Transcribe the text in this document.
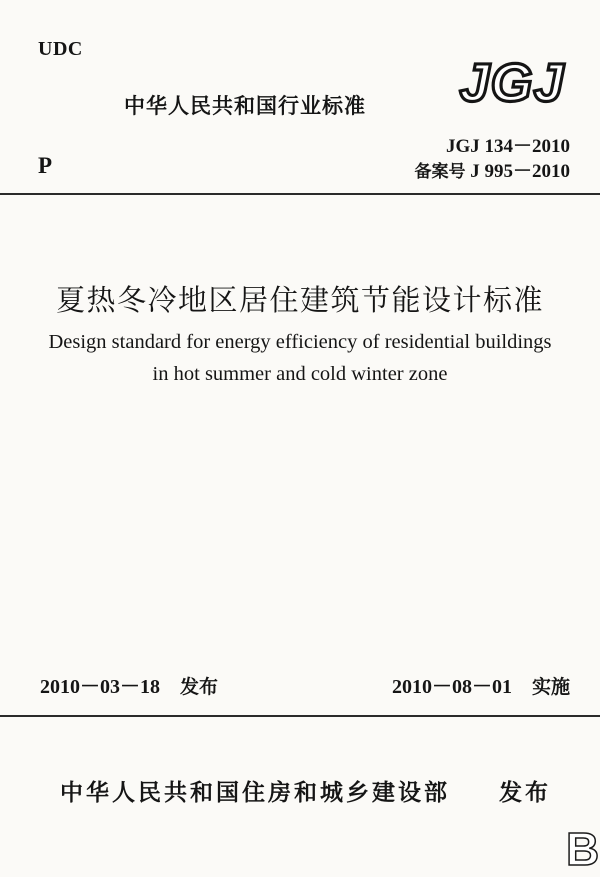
UDC
中华人民共和国行业标准 JGJ
P
JGJ 134－2010
备案号 J 995－2010
夏热冬冷地区居住建筑节能设计标准
Design standard for energy efficiency of residential buildings
in hot summer and cold winter zone
2010－03－18 发布	2010－08－01 实施
中华人民共和国住房和城乡建设部 发布
B
